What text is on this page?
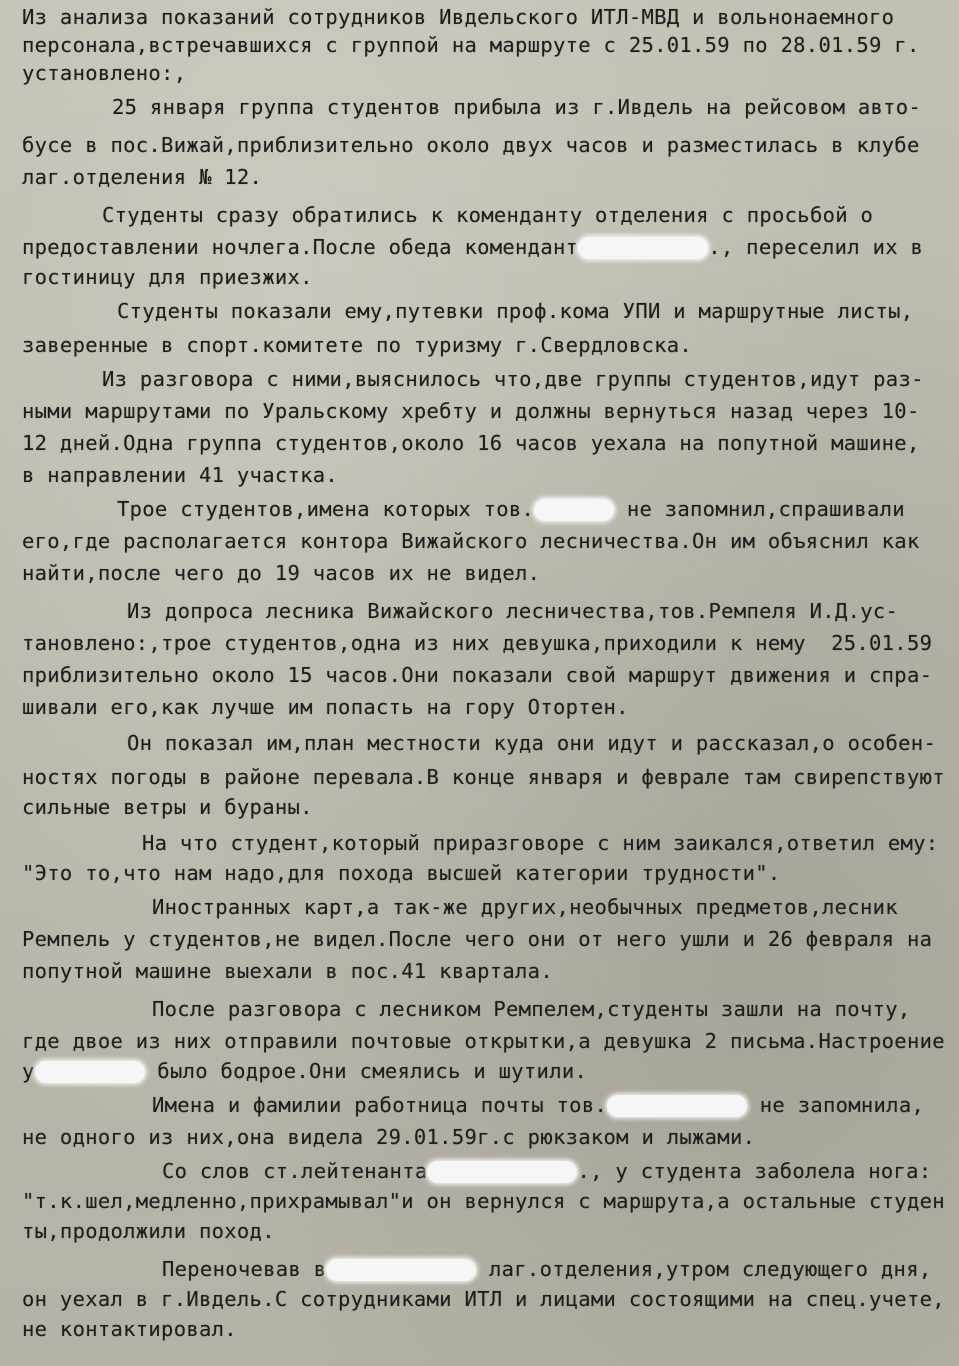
Из анализа показаний сотрудников Ивдельского ИТЛ-МВД и вольнонаемного
персонала,встречавшихся с группой на маршруте с 25.01.59 по 28.01.59 г.
установлено:,
25 января группа студентов прибыла из г.Ивдель на рейсовом авто-
бусе в пос.Вижай,приблизительно около двух часов и разместилась в клубе
лаг.отделения № 12.
Студенты сразу обратились к коменданту отделения с просьбой о
предоставлении ночлега.После обеда комендант	., переселил их в
гостиницу для приезжих.
Студенты показали ему,путевки проф.кома УПИ и маршрутные листы,
заверенные в спорт.комитете по туризму г.Свердловска.
Из разговора с ними,выяснилось что,две группы студентов,идут раз-
ными маршрутами по Уральскому хребту и должны вернуться назад через 10-
12 дней.Одна группа студентов,около 16 часов уехала на попутной машине,
в направлении 41 участка.
Трое студентов,имена которых тов.	не запомнил,спрашивали
его,где располагается контора Вижайского лесничества.Он им объяснил как
найти,после чего до 19 часов их не видел.
Из допроса лесника Вижайского лесничества,тов.Ремпеля И.Д.ус-
тановлено:,трое студентов,одна из них девушка,приходили к нему  25.01.59
приблизительно около 15 часов.Они показали свой маршрут движения и спра-
шивали его,как лучше им попасть на гору Отортен.
Он показал им,план местности куда они идут и рассказал,о особен-
ностях погоды в районе перевала.В конце января и феврале там свирепствуют
сильные ветры и бураны.
На что студент,который приразговоре с ним заикался,ответил ему:
"Это то,что нам надо,для похода высшей категории трудности".
Иностранных карт,а так-же других,необычных предметов,лесник
Ремпель у студентов,не видел.После чего они от него ушли и 26 февраля на
попутной машине выехали в пос.41 квартала.
После разговора с лесником Ремпелем,студенты зашли на почту,
где двое из них отправили почтовые открытки,а девушка 2 письма.Настроение
у	было бодрое.Они смеялись и шутили.
Имена и фамилии работница почты тов.	не запомнила,
не одного из них,она видела 29.01.59г.с рюкзаком и лыжами.
Со слов ст.лейтенанта	., у студента заболела нога:
"т.к.шел,медленно,прихрамывал"и он вернулся с маршрута,а остальные студен
ты,продолжили поход.
Переночевав в	лаг.отделения,утром следующего дня,
он уехал в г.Ивдель.С сотрудниками ИТЛ и лицами состоящими на спец.учете,
не контактировал.
